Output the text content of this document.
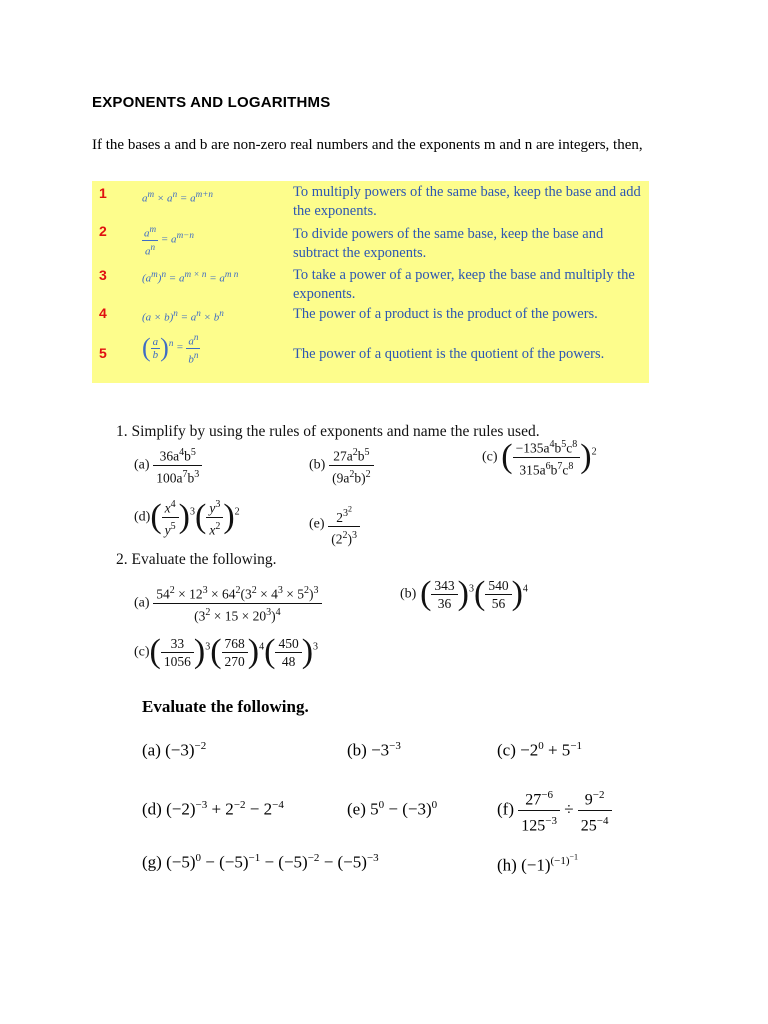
EXPONENTS AND LOGARITHMS
If the bases a and b are non-zero real numbers and the exponents m and n are integers, then,
1	$a^m \times a^n = a^{m+n}$	To multiply powers of the same base, keep the base and add the exponents.
2	$\frac{a^m}{a^n} = a^{m-n}$	To divide powers of the same base, keep the base and subtract the exponents.
3	$(a^m)^n = a^{m \times n} = a^{m n}$	To take a power of a power, keep the base and multiply the exponents.
4	$(a \times b)^n = a^n \times b^n$	The power of a product is the product of the powers.
5 ( $\frac{a}{b} )^n = \frac{a^n}{b^n}$	The power of a quotient is the quotient of the powers.
1. Simplify by using the rules of exponents and name the rules used.
$(a) \frac{36a^4b^5}{100a^7b^3}$	$(b) \frac{27a^2b^5}{(9a^2b)^2}$	(c) ( $\frac{-135a^4b^5c^8}{315a^6b^7c^8} )^2$
$(d)( \frac{x^4}{y^5} )^3( \frac{y^3}{x^2} )^2$
$(e) \frac{2^{3^2}}{(2^2)^3}$
2. Evaluate the following.
$(a) \frac{54^2 \times 12^3 \times 64^2(3^2 \times 4^3 \times 5^2)^3}{(3^2 \times 15 \times 20^3)^4}$	(b) ( $\frac{343}{36} )^3( \frac{540}{56} )^4$
$(c)( \frac{33}{1056} )^3( \frac{768}{270} )^4( \frac{450}{48} )^3$
Evaluate the following.
(a) $(-3)^{-2}$	$(b) -3^{-3}$	$(c) -2^0 + 5^{-1}$
(d) $(-2)^{-3} + 2^{-2} - 2^{-4}$	(e) $5^0 - (-3)^0$	$(f) \frac{27^{-6}}{125^{-3}} \div \frac{9^{-2}}{25^{-4}}$
(g) $(-5)^0 - (-5)^{-1} - (-5)^{-2} - (-5)^{-3}$	(h) $(-1)^{(-1)^{-1}}$
